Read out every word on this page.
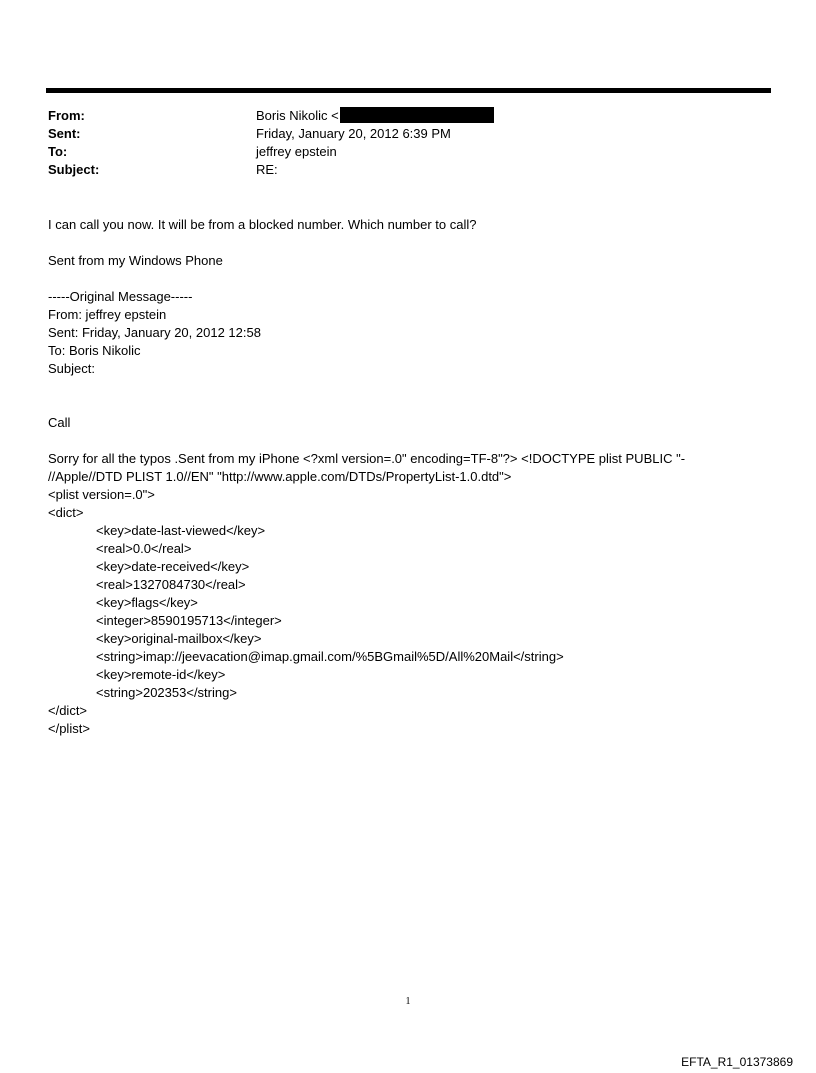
From:	Boris Nikolic <
Sent:	Friday, January 20, 2012 6:39 PM
To:	jeffrey epstein
Subject:	RE:

I can call you now. It will be from a blocked number. Which number to call?

Sent from my Windows Phone

-----Original Message-----

From: jeffrey epstein

Sent: Friday, January 20, 2012 12:58

To: Boris Nikolic

Subject:

Call

Sorry for all the typos .Sent from my iPhone <?xml version=.0" encoding=TF-8"?> <!DOCTYPE plist PUBLIC "-

//Apple//DTD PLIST 1.0//EN" "http://www.apple.com/DTDs/PropertyList-1.0.dtd">

<plist version=.0">

<dict>

<key>date-last-viewed</key>

<real>0.0</real>

<key>date-received</key>

<real>1327084730</real>

<key>flags</key>

<integer>8590195713</integer>

<key>original-mailbox</key>

<string>imap://jeevacation@imap.gmail.com/%5BGmail%5D/All%20Mail</string>

<key>remote-id</key>

<string>202353</string>

</dict>

</plist>

1
EFTA_R1_01373869
